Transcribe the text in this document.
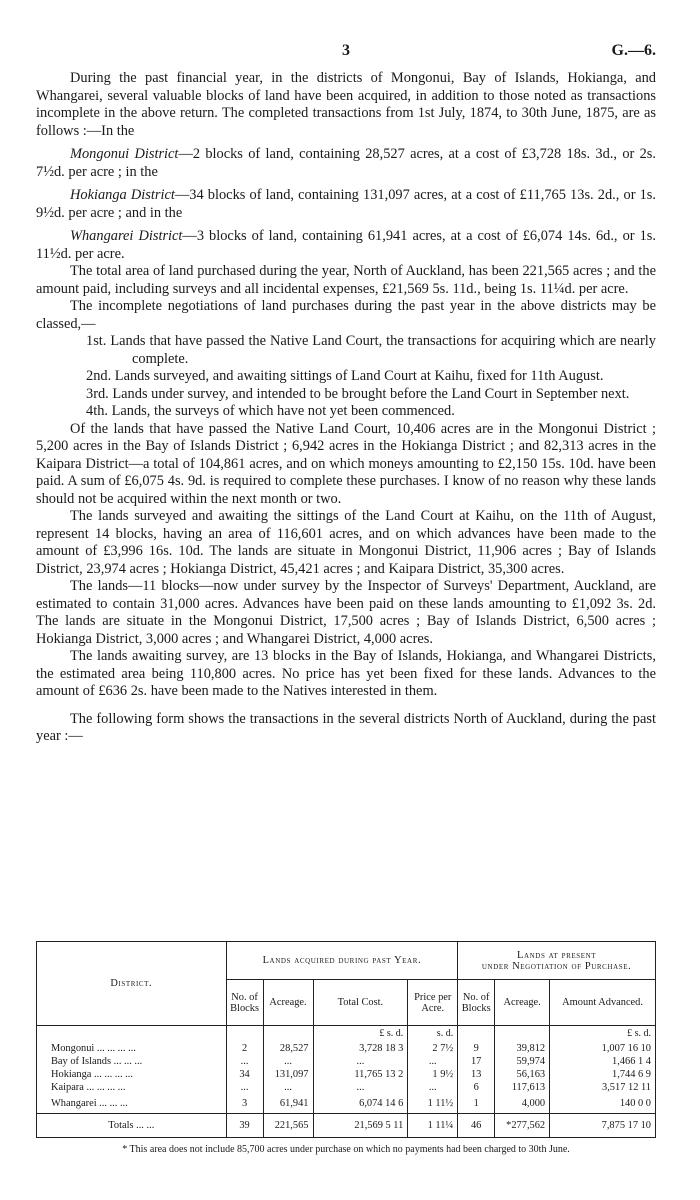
3	G.—6.

During the past financial year, in the districts of Mongonui, Bay of Islands, Hokianga, and Whangarei, several valuable blocks of land have been acquired, in addition to those noted as transactions incomplete in the above return. The completed transactions from 1st July, 1874, to 30th June, 1875, are as follows :—In the

Mongonui District—2 blocks of land, containing 28,527 acres, at a cost of £3,728 18s. 3d., or 2s. 7½d. per acre ; in the

Hokianga District—34 blocks of land, containing 131,097 acres, at a cost of £11,765 13s. 2d., or 1s. 9½d. per acre ; and in the

Whangarei District—3 blocks of land, containing 61,941 acres, at a cost of £6,074 14s. 6d., or 1s. 11½d. per acre.

The total area of land purchased during the year, North of Auckland, has been 221,565 acres ; and the amount paid, including surveys and all incidental expenses, £21,569 5s. 11d., being 1s. 11¼d. per acre.

The incomplete negotiations of land purchases during the past year in the above districts may be classed,—

1st. Lands that have passed the Native Land Court, the transactions for acquiring which are nearly complete.

2nd. Lands surveyed, and awaiting sittings of Land Court at Kaihu, fixed for 11th August.

3rd. Lands under survey, and intended to be brought before the Land Court in September next.

4th. Lands, the surveys of which have not yet been commenced.

Of the lands that have passed the Native Land Court, 10,406 acres are in the Mongonui District ; 5,200 acres in the Bay of Islands District ; 6,942 acres in the Hokianga District ; and 82,313 acres in the Kaipara District—a total of 104,861 acres, and on which moneys amounting to £2,150 15s. 10d. have been paid. A sum of £6,075 4s. 9d. is required to complete these purchases. I know of no reason why these lands should not be acquired within the next month or two.

The lands surveyed and awaiting the sittings of the Land Court at Kaihu, on the 11th of August, represent 14 blocks, having an area of 116,601 acres, and on which advances have been made to the amount of £3,996 16s. 10d. The lands are situate in Mongonui District, 11,906 acres ; Bay of Islands District, 23,974 acres ; Hokianga District, 45,421 acres ; and Kaipara District, 35,300 acres.

The lands—11 blocks—now under survey by the Inspector of Surveys' Department, Auckland, are estimated to contain 31,000 acres. Advances have been paid on these lands amounting to £1,092 3s. 2d. The lands are situate in the Mongonui District, 17,500 acres ; Bay of Islands District, 6,500 acres ; Hokianga District, 3,000 acres ; and Whangarei District, 4,000 acres.

The lands awaiting survey, are 13 blocks in the Bay of Islands, Hokianga, and Whangarei Districts, the estimated area being 110,800 acres. No price has yet been fixed for these lands. Advances to the amount of £636 2s. have been made to the Natives interested in them.

The following form shows the transactions in the several districts North of Auckland, during the past year :—

District.	Lands acquired during past Year.				Lands at present
under Negotiation of Purchase.		

	No. of Blocks	Acreage.	Total Cost.	Price per Acre.	No. of Blocks	Acreage.	Amount Advanced.
			£ s. d.	s. d.			£ s. d.
Mongonui ... ... ... ...	2	28,527	3,728 18 3	2 7½	9	39,812	1,007 16 10
Bay of Islands ... ... ...	...	...	...	...	17	59,974	1,466 1 4
Hokianga ... ... ... ...	34	131,097	11,765 13 2	1 9½	13	56,163	1,744 6 9
Kaipara ... ... ... ...	...	...	...	...	6	117,613	3,517 12 11
Whangarei ... ... ...	3	61,941	6,074 14 6	1 11½	1	4,000	140 0 0
Totals ... ...	39	221,565	21,569 5 11	1 11¼	46	*277,562	7,875 17 10
* This area does not include 85,700 acres under purchase on which no payments had been charged to 30th June.
